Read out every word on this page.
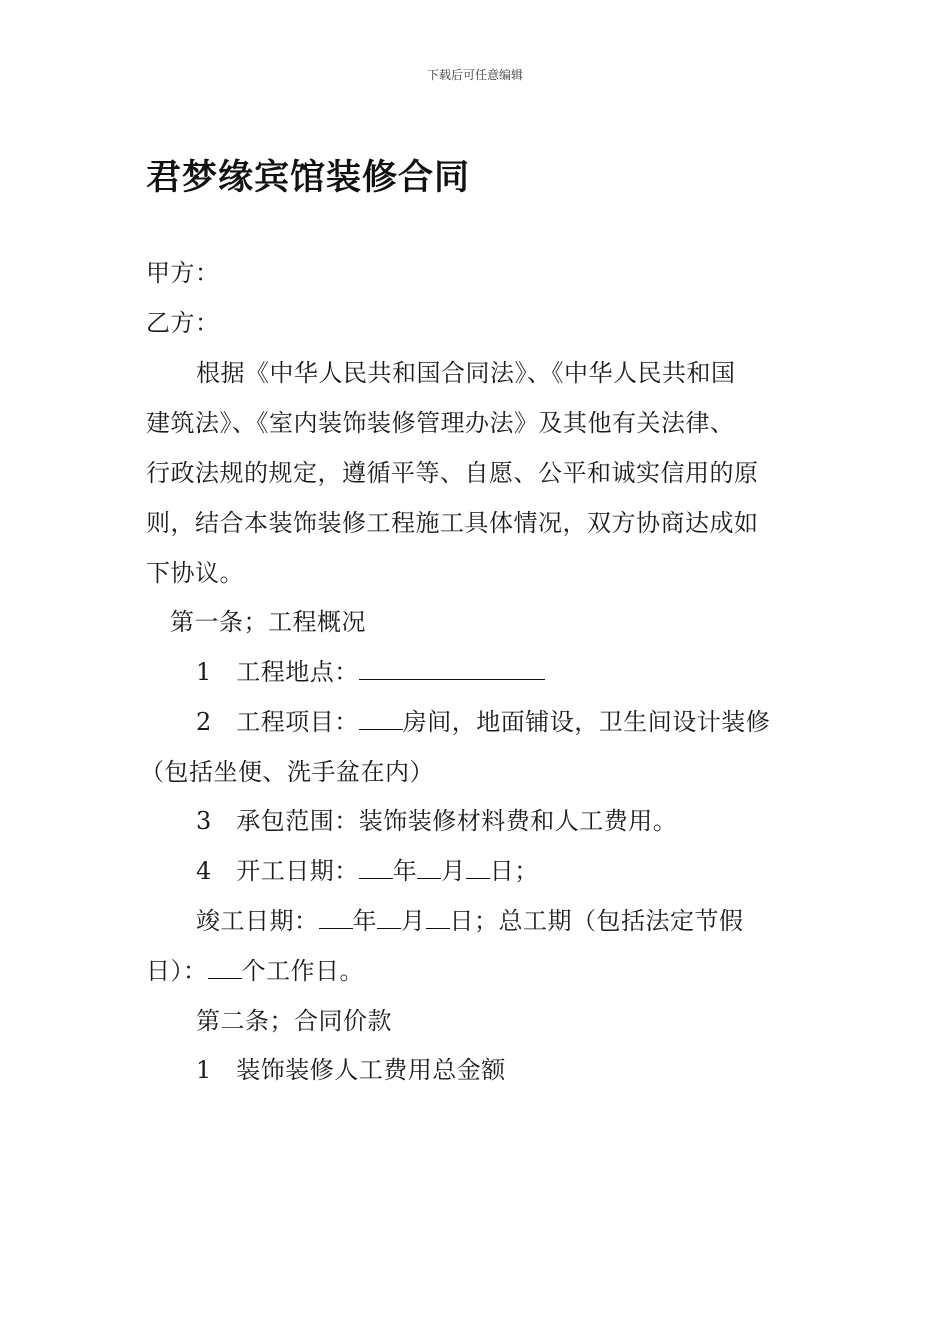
下载后可任意编辑
君梦缘宾馆装修合同
甲方：
乙方：
根据《中华人民共和国合同法》、《中华人民共和国
建筑法》、《室内装饰装修管理办法》及其他有关法律、
行政法规的规定，遵循平等、自愿、公平和诚实信用的原
则，结合本装饰装修工程施工具体情况，双方协商达成如
下协议。
第一条；工程概况
1　工程地点：
2　工程项目： 房间，地面铺设，卫生间设计装修
（包括坐便、洗手盆在内）
3　承包范围：装饰装修材料费和人工费用。
4　开工日期： 年 月 日；
竣工日期： 年 月 日；总工期（包括法定节假
日）： 个工作日。
第二条；合同价款
1　装饰装修人工费用总金额
